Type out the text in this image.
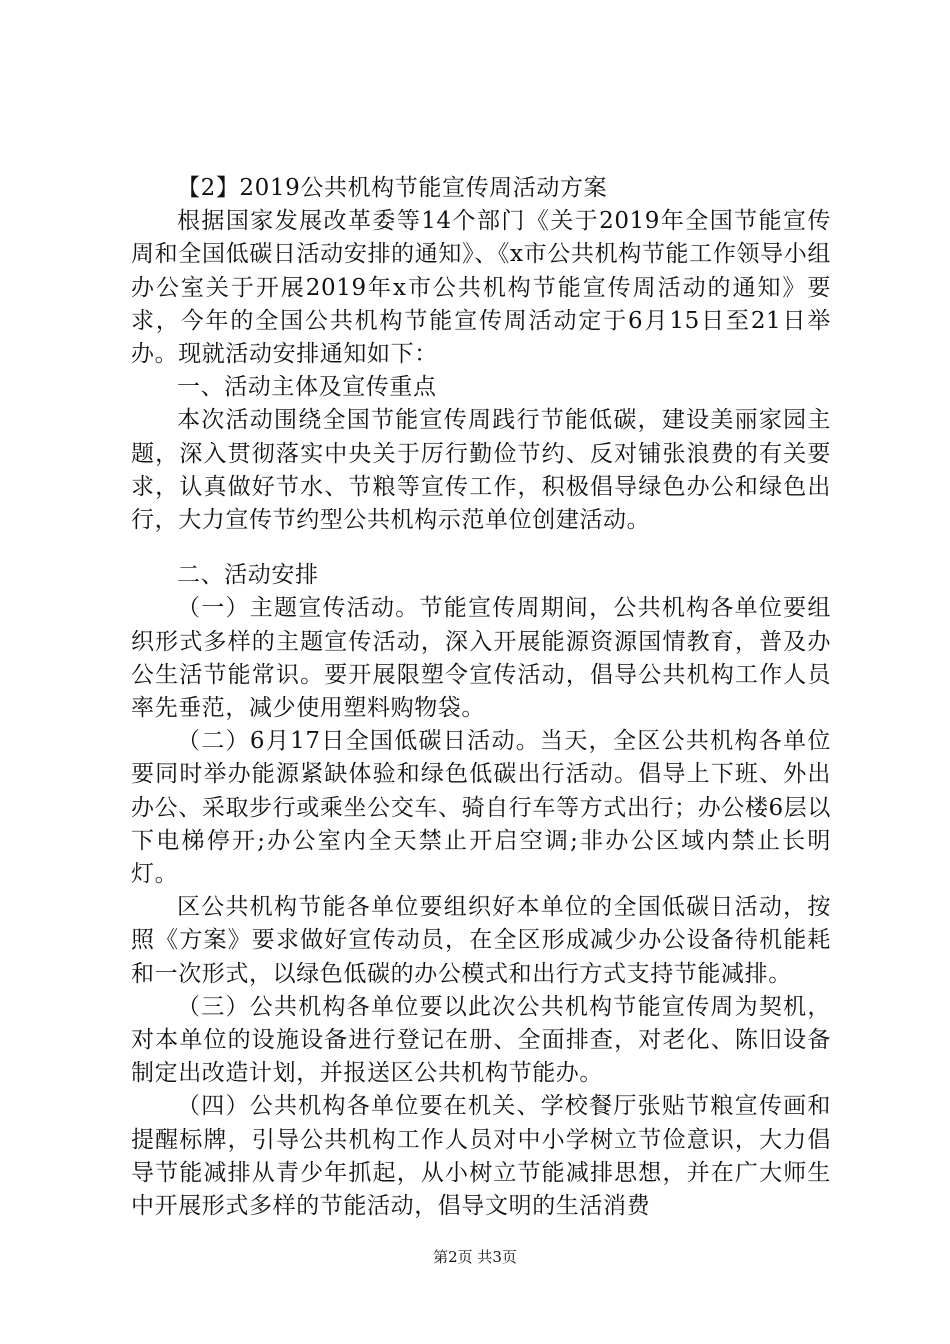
【2】2019公共机构节能宣传周活动方案

根据国家发展改革委等14个部门《关于2019年全国节能宣传周和全国低碳日活动安排的通知》、《x市公共机构节能工作领导小组办公室关于开展2019年x市公共机构节能宣传周活动的通知》要求，今年的全国公共机构节能宣传周活动定于6月15日至21日举办。现就活动安排通知如下：

一、活动主体及宣传重点

本次活动围绕全国节能宣传周践行节能低碳，建设美丽家园主题，深入贯彻落实中央关于厉行勤俭节约、反对铺张浪费的有关要求，认真做好节水、节粮等宣传工作，积极倡导绿色办公和绿色出行，大力宣传节约型公共机构示范单位创建活动。

二、活动安排

（一）主题宣传活动。节能宣传周期间，公共机构各单位要组织形式多样的主题宣传活动，深入开展能源资源国情教育，普及办公生活节能常识。要开展限塑令宣传活动，倡导公共机构工作人员率先垂范，减少使用塑料购物袋。

（二）6月17日全国低碳日活动。当天，全区公共机构各单位要同时举办能源紧缺体验和绿色低碳出行活动。倡导上下班、外出办公、采取步行或乘坐公交车、骑自行车等方式出行；办公楼6层以下电梯停开;办公室内全天禁止开启空调;非办公区域内禁止长明灯。

区公共机构节能各单位要组织好本单位的全国低碳日活动，按照《方案》要求做好宣传动员，在全区形成减少办公设备待机能耗和一次形式，以绿色低碳的办公模式和出行方式支持节能减排。

（三）公共机构各单位要以此次公共机构节能宣传周为契机，对本单位的设施设备进行登记在册、全面排查，对老化、陈旧设备制定出改造计划，并报送区公共机构节能办。

（四）公共机构各单位要在机关、学校餐厅张贴节粮宣传画和提醒标牌，引导公共机构工作人员对中小学树立节俭意识，大力倡导节能减排从青少年抓起，从小树立节能减排思想，并在广大师生中开展形式多样的节能活动，倡导文明的生活消费

第2页 共3页
